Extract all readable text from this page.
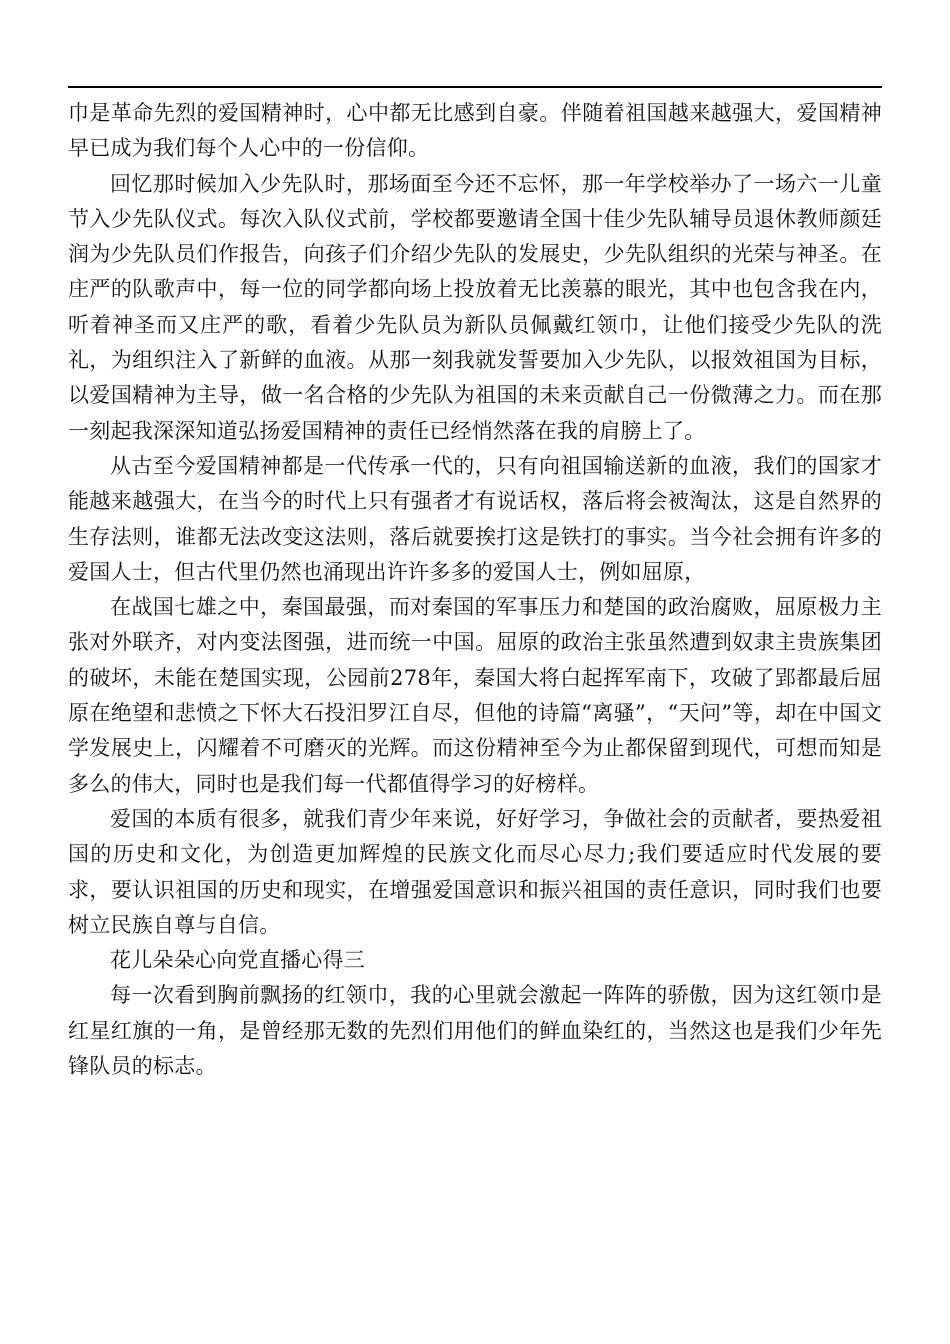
巾是革命先烈的爱国精神时，心中都无比感到自豪。伴随着祖国越来越强大，爱国精神早已成为我们每个人心中的一份信仰。

回忆那时候加入少先队时，那场面至今还不忘怀，那一年学校举办了一场六一儿童节入少先队仪式。每次入队仪式前，学校都要邀请全国十佳少先队辅导员退休教师颜廷润为少先队员们作报告，向孩子们介绍少先队的发展史，少先队组织的光荣与神圣。在庄严的队歌声中，每一位的同学都向场上投放着无比羡慕的眼光，其中也包含我在内，听着神圣而又庄严的歌，看着少先队员为新队员佩戴红领巾，让他们接受少先队的洗礼，为组织注入了新鲜的血液。从那一刻我就发誓要加入少先队，以报效祖国为目标，以爱国精神为主导，做一名合格的少先队为祖国的未来贡献自己一份微薄之力。而在那一刻起我深深知道弘扬爱国精神的责任已经悄然落在我的肩膀上了。

从古至今爱国精神都是一代传承一代的，只有向祖国输送新的血液，我们的国家才能越来越强大，在当今的时代上只有强者才有说话权，落后将会被淘汰，这是自然界的生存法则，谁都无法改变这法则，落后就要挨打这是铁打的事实。当今社会拥有许多的爱国人士，但古代里仍然也涌现出许许多多的爱国人士，例如屈原，

在战国七雄之中，秦国最强，而对秦国的军事压力和楚国的政治腐败，屈原极力主张对外联齐，对内变法图强，进而统一中国。屈原的政治主张虽然遭到奴隶主贵族集团的破坏，未能在楚国实现，公园前278年，秦国大将白起挥军南下，攻破了郢都最后屈原在绝望和悲愤之下怀大石投汨罗江自尽，但他的诗篇“离骚”，“天问”等，却在中国文学发展史上，闪耀着不可磨灭的光辉。而这份精神至今为止都保留到现代，可想而知是多么的伟大，同时也是我们每一代都值得学习的好榜样。

爱国的本质有很多，就我们青少年来说，好好学习，争做社会的贡献者，要热爱祖国的历史和文化，为创造更加辉煌的民族文化而尽心尽力;我们要适应时代发展的要求，要认识祖国的历史和现实，在增强爱国意识和振兴祖国的责任意识，同时我们也要树立民族自尊与自信。

花儿朵朵心向党直播心得三

每一次看到胸前飘扬的红领巾，我的心里就会激起一阵阵的骄傲，因为这红领巾是红星红旗的一角，是曾经那无数的先烈们用他们的鲜血染红的，当然这也是我们少年先锋队员的标志。
